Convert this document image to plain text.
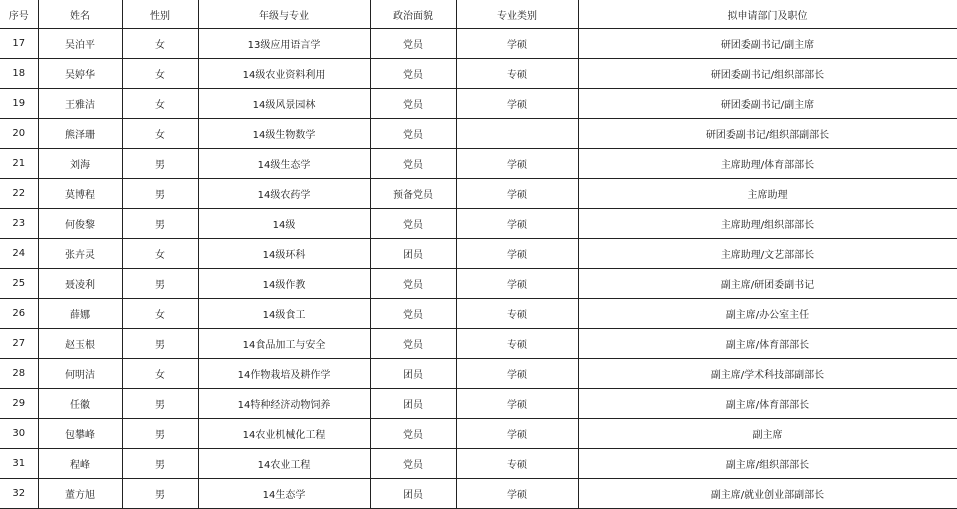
序号	姓名	性别	年级与专业	政治面貌	专业类别	拟申请部门及职位
17	吴泊平	女	13级应用语言学	党员	学硕	研团委副书记/副主席
18	吴婷华	女	14级农业资料利用	党员	专硕	研团委副书记/组织部部长
19	王雅洁	女	14级风景园林	党员	学硕	研团委副书记/副主席
20	熊泽珊	女	14级生物数学	党员		研团委副书记/组织部副部长
21	刘海	男	14级生态学	党员	学硕	主席助理/体育部部长
22	莫博程	男	14级农药学	预备党员	学硕	主席助理
23	何俊黎	男	14级	党员	学硕	主席助理/组织部部长
24	张卉灵	女	14级环科	团员	学硕	主席助理/文艺部部长
25	聂凌利	男	14级作教	党员	学硕	副主席/研团委副书记
26	薛娜	女	14级食工	党员	专硕	副主席/办公室主任
27	赵玉根	男	14食品加工与安全	党员	专硕	副主席/体育部部长
28	何明洁	女	14作物栽培及耕作学	团员	学硕	副主席/学术科技部副部长
29	任徽	男	14特种经济动物饲养	团员	学硕	副主席/体育部部长
30	包攀峰	男	14农业机械化工程	党员	学硕	副主席
31	程峰	男	14农业工程	党员	专硕	副主席/组织部部长
32	董方旭	男	14生态学	团员	学硕	副主席/就业创业部副部长
